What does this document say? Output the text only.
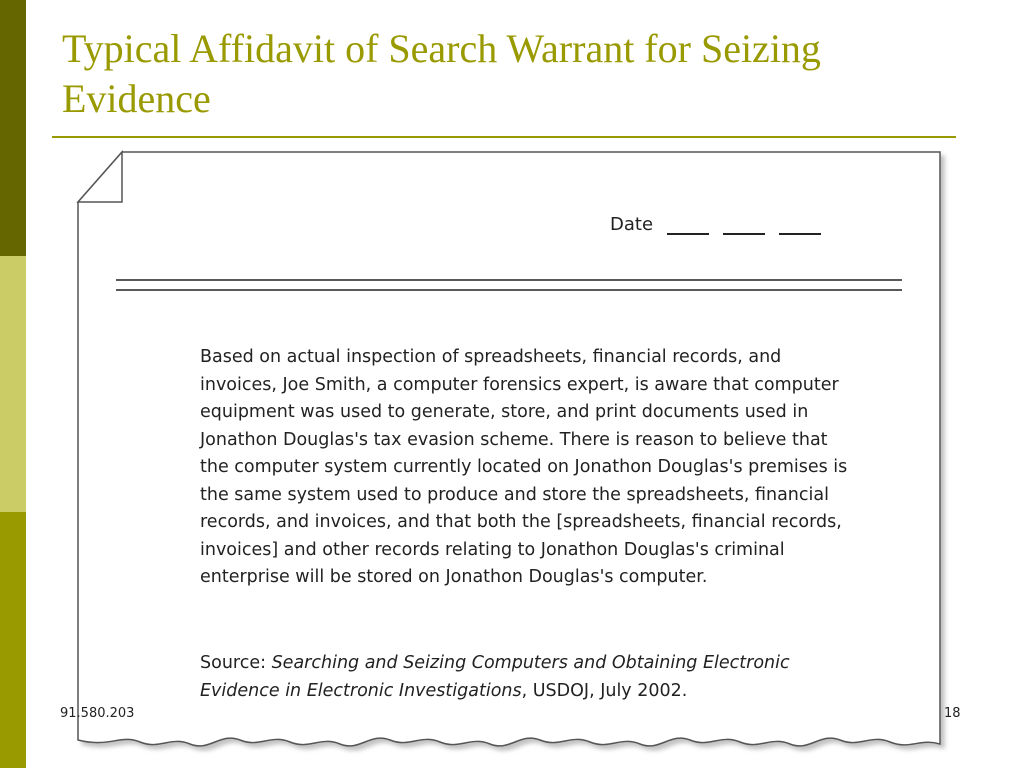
Typical Affidavit of Search Warrant for Seizing Evidence
Date

Based on actual inspection of spreadsheets, financial records, and invoices, Joe Smith, a computer forensics expert, is aware that computer equipment was used to generate, store, and print documents used in Jonathon Douglas's tax evasion scheme. There is reason to believe that the computer system currently located on Jonathon Douglas's premises is the same system used to produce and store the spreadsheets, financial records, and invoices, and that both the [spreadsheets, financial records, invoices] and other records relating to Jonathon Douglas's criminal enterprise will be stored on Jonathon Douglas's computer.

Source: Searching and Seizing Computers and Obtaining Electronic Evidence in Electronic Investigations, USDOJ, July 2002.

91.580.203	18
